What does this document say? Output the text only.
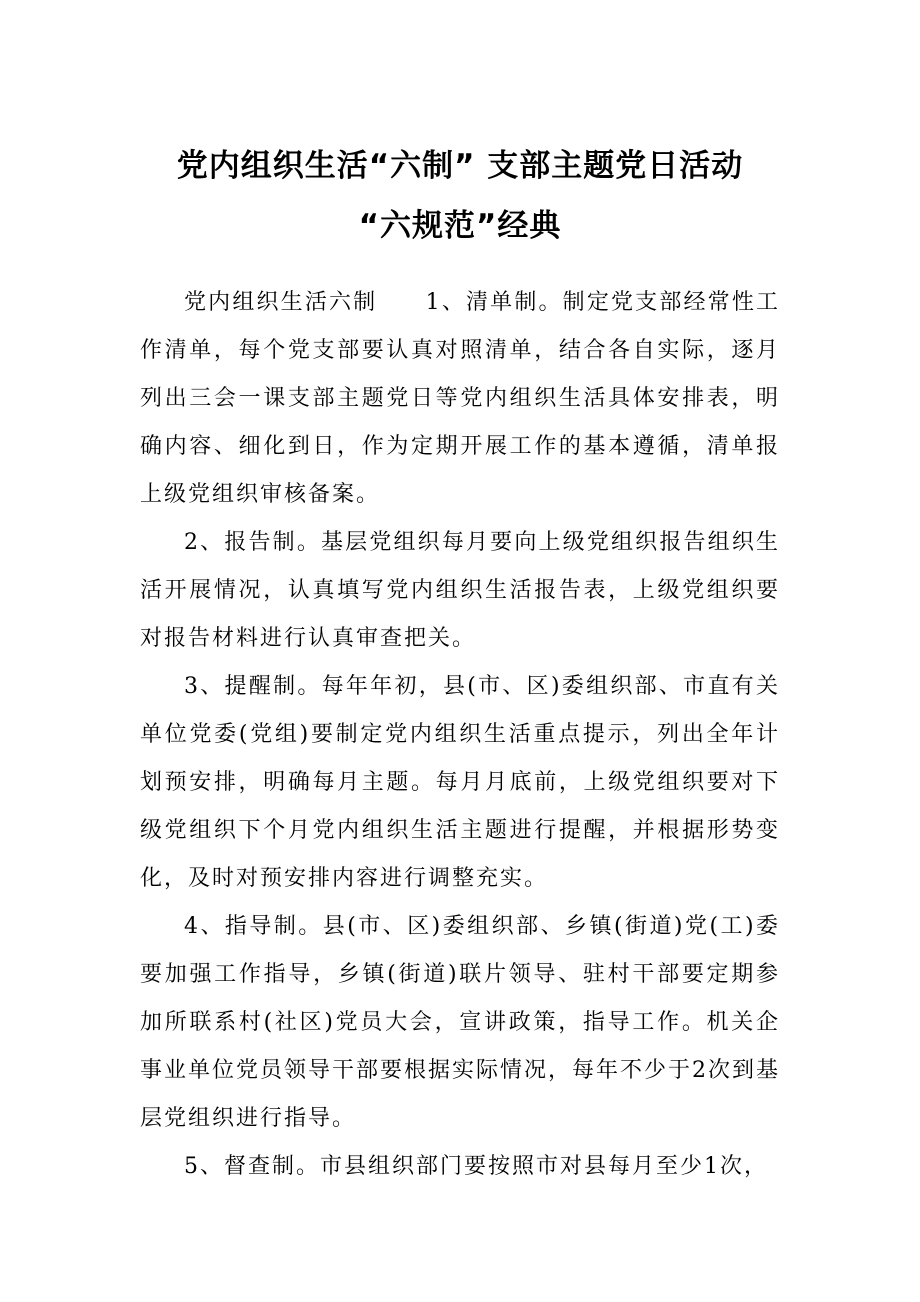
党内组织生活“六制” 支部主题党日活动
“六规范”经典

党内组织生活六制　　1、清单制。制定党支部经常性工作清单，每个党支部要认真对照清单，结合各自实际，逐月列出三会一课支部主题党日等党内组织生活具体安排表，明确内容、细化到日，作为定期开展工作的基本遵循，清单报上级党组织审核备案。

2、报告制。基层党组织每月要向上级党组织报告组织生活开展情况，认真填写党内组织生活报告表，上级党组织要对报告材料进行认真审查把关。

3、提醒制。每年年初，县(市、区)委组织部、市直有关单位党委(党组)要制定党内组织生活重点提示，列出全年计划预安排，明确每月主题。每月月底前，上级党组织要对下级党组织下个月党内组织生活主题进行提醒，并根据形势变化，及时对预安排内容进行调整充实。

4、指导制。县(市、区)委组织部、乡镇(街道)党(工)委要加强工作指导，乡镇(街道)联片领导、驻村干部要定期参加所联系村(社区)党员大会，宣讲政策，指导工作。机关企事业单位党员领导干部要根据实际情况，每年不少于2次到基层党组织进行指导。

5、督查制。市县组织部门要按照市对县每月至少1次，
